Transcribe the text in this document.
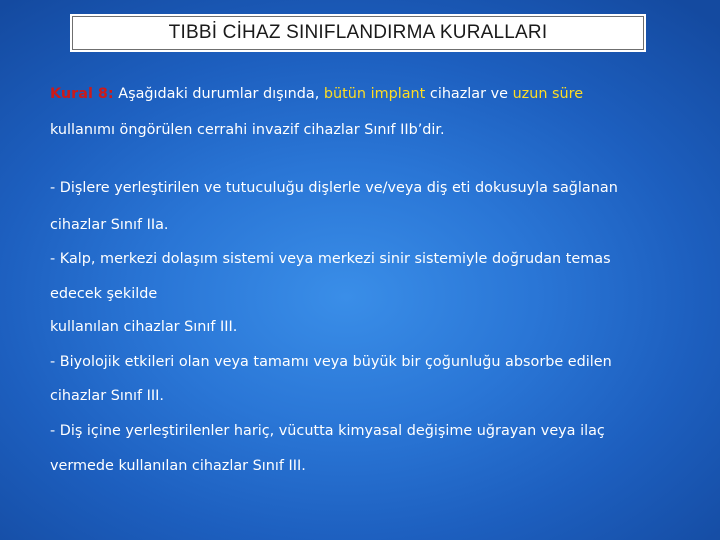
TIBBİ CİHAZ SINIFLANDIRMA KURALLARI
Kural 8: Aşağıdaki durumlar dışında, bütün implant cihazlar ve uzun süre
kullanımı öngörülen cerrahi invazif cihazlar Sınıf IIb’dir.
- Dişlere yerleştirilen ve tutuculuğu dişlerle ve/veya diş eti dokusuyla sağlanan
cihazlar Sınıf IIa.
- Kalp, merkezi dolaşım sistemi veya merkezi sinir sistemiyle doğrudan temas
edecek şekilde
kullanılan cihazlar Sınıf III.
- Biyolojik etkileri olan veya tamamı veya büyük bir çoğunluğu absorbe edilen
cihazlar Sınıf III.
- Diş içine yerleştirilenler hariç, vücutta kimyasal değişime uğrayan veya ilaç
vermede kullanılan cihazlar Sınıf III.
